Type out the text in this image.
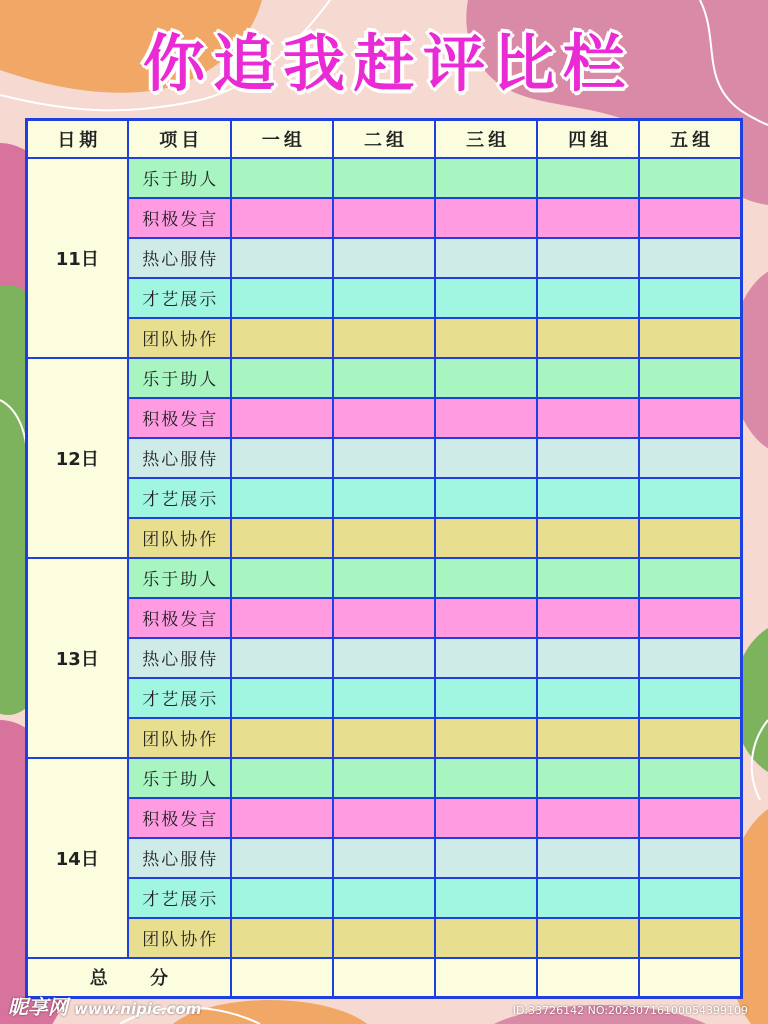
你追我赶评比栏
日期	项目	一组	二组	三组	四组	五组
11日	乐于助人					
	积极发言					
	热心服侍					
	才艺展示					
	团队协作					
12日	乐于助人					
	积极发言					
	热心服侍					
	才艺展示					
	团队协作					
13日	乐于助人					
	积极发言					
	热心服侍					
	才艺展示					
	团队协作					
14日	乐于助人					
	积极发言					
	热心服侍					
	才艺展示					
	团队协作					
总 分						
昵享网 www.nipic.com	ID:33726142 NO:20230716100054399109
